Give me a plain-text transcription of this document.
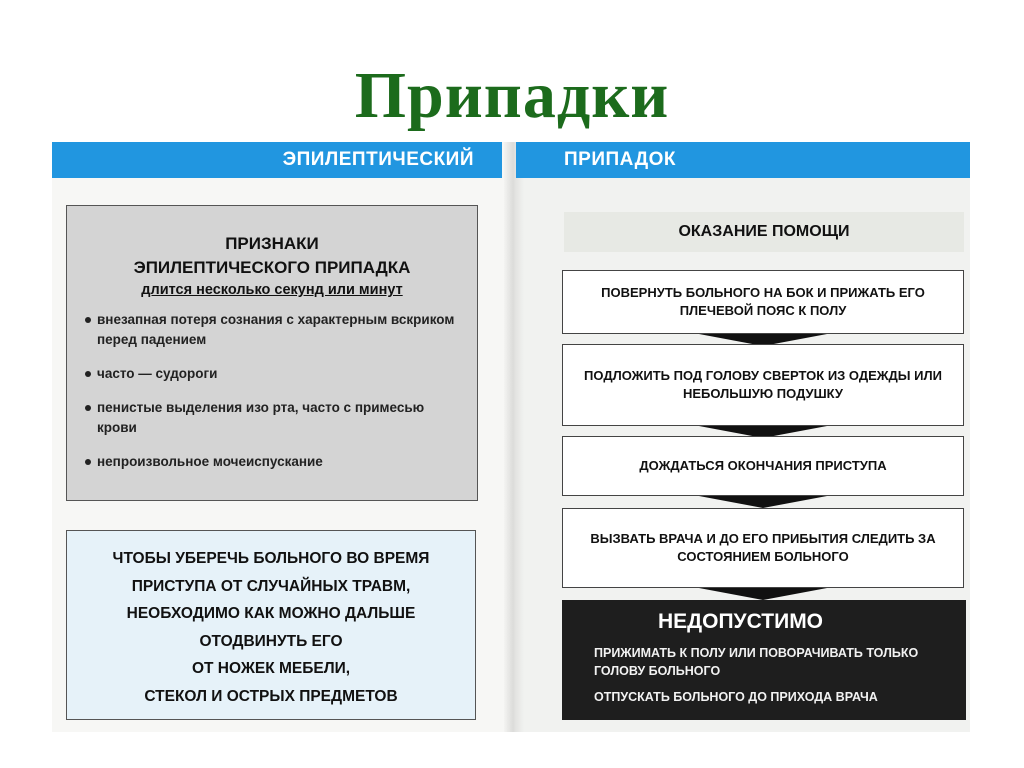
Припадки
ЭПИЛЕПТИЧЕСКИЙ	ПРИПАДОК
ПРИЗНАКИ
ЭПИЛЕПТИЧЕСКОГО ПРИПАДКА
длится несколько секунд или минут
внезапная потеря сознания с характерным вскриком перед падением
часто — судороги
пенистые выделения изо рта, часто с примесью крови
непроизвольное мочеиспускание
ЧТОБЫ УБЕРЕЧЬ БОЛЬНОГО ВО ВРЕМЯ
ПРИСТУПА ОТ СЛУЧАЙНЫХ ТРАВМ,
НЕОБХОДИМО КАК МОЖНО ДАЛЬШЕ
ОТОДВИНУТЬ ЕГО
ОТ НОЖЕК МЕБЕЛИ,
СТЕКОЛ И ОСТРЫХ ПРЕДМЕТОВ
ОКАЗАНИЕ ПОМОЩИ
ПОВЕРНУТЬ БОЛЬНОГО НА БОК И ПРИЖАТЬ ЕГО ПЛЕЧЕВОЙ ПОЯС К ПОЛУ
ПОДЛОЖИТЬ ПОД ГОЛОВУ СВЕРТОК ИЗ ОДЕЖДЫ ИЛИ НЕБОЛЬШУЮ ПОДУШКУ
ДОЖДАТЬСЯ ОКОНЧАНИЯ ПРИСТУПА
ВЫЗВАТЬ ВРАЧА И ДО ЕГО ПРИБЫТИЯ СЛЕДИТЬ ЗА СОСТОЯНИЕМ БОЛЬНОГО
НЕДОПУСТИМО
ПРИЖИМАТЬ К ПОЛУ ИЛИ ПОВОРАЧИВАТЬ ТОЛЬКО ГОЛОВУ БОЛЬНОГО
ОТПУСКАТЬ БОЛЬНОГО ДО ПРИХОДА ВРАЧА
